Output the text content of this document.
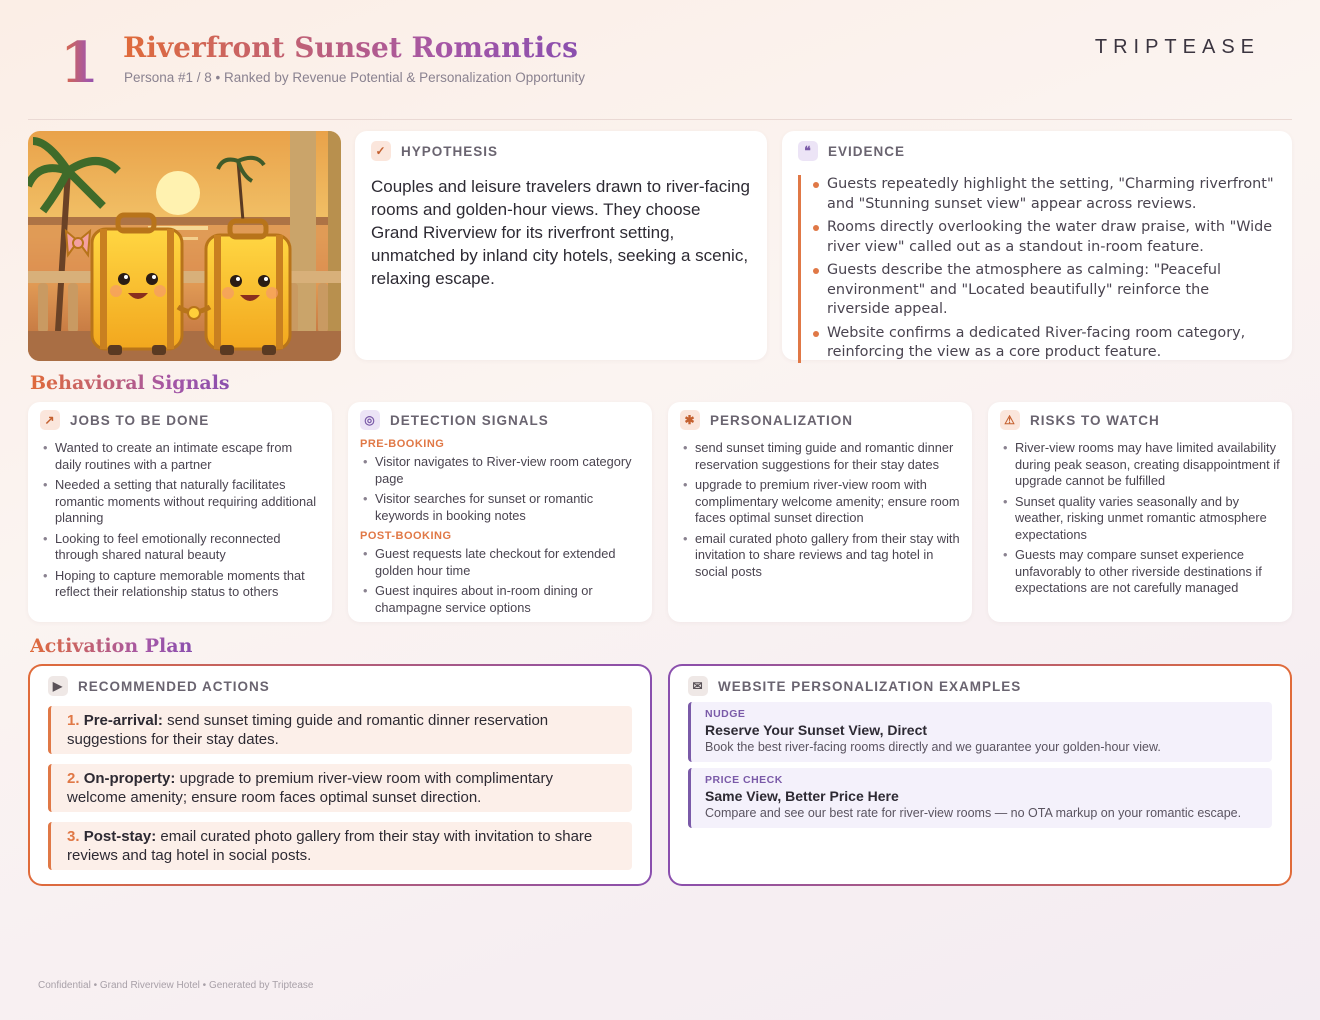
1 Riverfront Sunset Romantics
Persona #1 / 8 • Ranked by Revenue Potential & Personalization Opportunity
TRIPTEASE
✓	HYPOTHESIS

Couples and leisure travelers drawn to river-facing rooms and golden-hour views. They choose Grand Riverview for its riverfront setting, unmatched by inland city hotels, seeking a scenic, relaxing escape.

❝	EVIDENCE
Guests repeatedly highlight the setting, "Charming riverfront" and "Stunning sunset view" appear across reviews.
Rooms directly overlooking the water draw praise, with "Wide river view" called out as a standout in-room feature.
Guests describe the atmosphere as calming: "Peaceful environment" and "Located beautifully" reinforce the riverside appeal.
Website confirms a dedicated River-facing room category, reinforcing the view as a core product feature.
Behavioral Signals
↗	JOBS TO BE DONE
• Wanted to create an intimate escape from daily routines with a partner
• Needed a setting that naturally facilitates romantic moments without requiring additional planning
• Looking to feel emotionally reconnected through shared natural beauty
• Hoping to capture memorable moments that reflect their relationship status to others
◎	DETECTION SIGNALS
PRE-BOOKING
• Visitor navigates to River-view room category page
• Visitor searches for sunset or romantic keywords in booking notes
POST-BOOKING
• Guest requests late checkout for extended golden hour time
• Guest inquires about in-room dining or champagne service options
✱	PERSONALIZATION
• send sunset timing guide and romantic dinner reservation suggestions for their stay dates
• upgrade to premium river-view room with complimentary welcome amenity; ensure room faces optimal sunset direction
• email curated photo gallery from their stay with invitation to share reviews and tag hotel in social posts
⚠	RISKS TO WATCH
• River-view rooms may have limited availability during peak season, creating disappointment if upgrade cannot be fulfilled
• Sunset quality varies seasonally and by weather, risking unmet romantic atmosphere expectations
• Guests may compare sunset experience unfavorably to other riverside destinations if expectations are not carefully managed
Activation Plan
▶	RECOMMENDED ACTIONS
1. Pre-arrival: send sunset timing guide and romantic dinner reservation suggestions for their stay dates.
2. On-property: upgrade to premium river-view room with complimentary welcome amenity; ensure room faces optimal sunset direction.
3. Post-stay: email curated photo gallery from their stay with invitation to share reviews and tag hotel in social posts.
✉	WEBSITE PERSONALIZATION EXAMPLES
NUDGE
Reserve Your Sunset View, Direct
Book the best river-facing rooms directly and we guarantee your golden-hour view.
PRICE CHECK
Same View, Better Price Here
Compare and see our best rate for river-view rooms — no OTA markup on your romantic escape.
Confidential • Grand Riverview Hotel • Generated by Triptease
